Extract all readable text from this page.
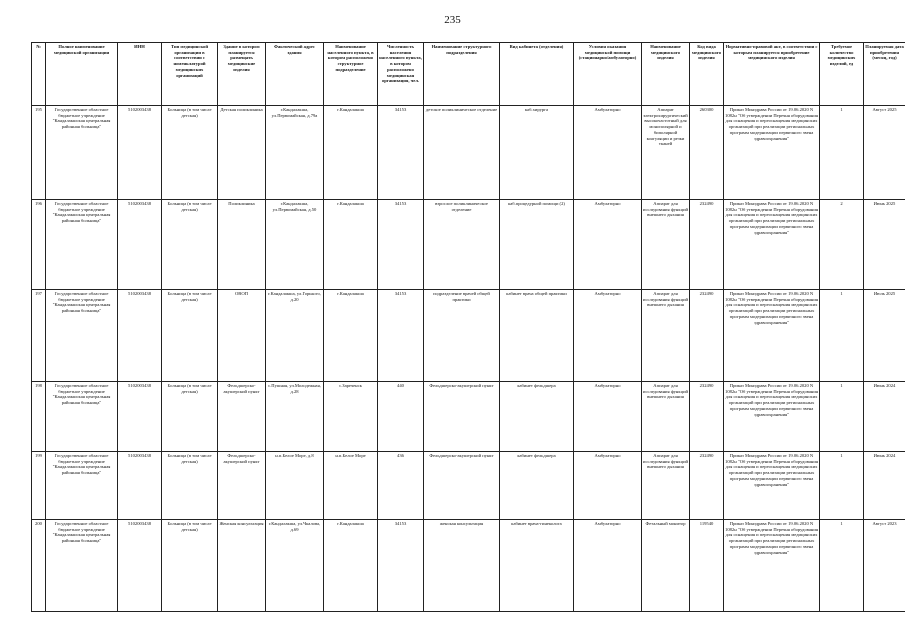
235
№	Полное наименование медицинской организации	ИНН	Тип медицинской организации в соответствии с номенклатурой медицинских организаций	Здание в котором планируется размещать медицинские изделия	Фактический адрес здания	Наименование населенного пункта, в котором расположено структурное подразделение	Численность населения населенного пункта, в котором расположено медицинская организация, чел.	Наименование структурного подразделения	Вид кабинета (отделения)	Условия оказания медицинской помощи (стационарно/амбулаторно)	Наименование медицинского изделия	Код вида медицинского изделия	Нормативно-правовой акт, в соответствии с которым планируется приобретение медицинского изделия	Требуемое количество медицинских изделий, ед	Планируемая дата приобретения (месяц, год)
195	Государственное областное бюджетное учреждение "Кандалакшская центральная районная больница"	5102003438	Больница (в том числе детская)	Детская поликлиника	г.Кандалакша, ул.Первомайская, д.79а	г.Кандалакша	34153	детское поликлиническое отделение	каб.хирурга	Амбулаторно	Аппарат электрохирургический высокочастотный для монополярной и биполярной коагуляции и резки тканей	260300	Приказ Минздрава России от 19.06.2020 N 1082н "Об утверждении Перечня оборудования для оснащения и переоснащения медицинских организаций при реализации региональных программ модернизации первичного звена здравоохранения"	1	Август 2025
196	Государственное областное бюджетное учреждение "Кандалакшская центральная районная больница"	5102003438	Больница (в том числе детская)	Поликлиника	г.Кандалакша, ул.Первомайская, д.50	г.Кандалакша	34153	взрослое поликлиническое отделение	каб.процедурной помощи (2)	Амбулаторно	Аппарат для исследования функций внешнего дыхания	232490	Приказ Минздрава России от 19.06.2020 N 1082н "Об утверждении Перечня оборудования для оснащения и переоснащения медицинских организаций при реализации региональных программ модернизации первичного звена здравоохранения"	2	Июнь 2025
197	Государственное областное бюджетное учреждение "Кандалакшская центральная районная больница"	5102003438	Больница (в том числе детская)	ОВОП	г.Кандалакша, ул.Горького, д.20	г.Кандалакша	34153	подразделение врачей общей практики	кабинет врача общей практики	Амбулаторно	Аппарат для исследования функций внешнего дыхания	232490	Приказ Минздрава России от 19.06.2020 N 1082н "Об утверждении Перечня оборудования для оснащения и переоснащения медицинских организаций при реализации региональных программ модернизации первичного звена здравоохранения"	1	Июль 2025
198	Государственное областное бюджетное учреждение "Кандалакшская центральная районная больница"	5102003438	Больница (в том числе детская)	Фельдшерско-акушерский пункт	с.Пушная, ул.Молодежная, д.28	с.Зареченск	440	Фельдшерско-акушерский пункт	кабинет фельдшера	Амбулаторно	Аппарат для исследования функций внешнего дыхания	232490	Приказ Минздрава России от 19.06.2020 N 1082н "Об утверждении Перечня оборудования для оснащения и переоснащения медицинских организаций при реализации региональных программ модернизации первичного звена здравоохранения"	1	Июнь 2024
199	Государственное областное бюджетное учреждение "Кандалакшская центральная районная больница"	5102003438	Больница (в том числе детская)	Фельдшерско-акушерский пункт	н.п.Белое Море, д.8	н.п.Белое Море	436	Фельдшерско-акушерский пункт	кабинет фельдшера	Амбулаторно	Аппарат для исследования функций внешнего дыхания	232490	Приказ Минздрава России от 19.06.2020 N 1082н "Об утверждении Перечня оборудования для оснащения и переоснащения медицинских организаций при реализации региональных программ модернизации первичного звена здравоохранения"	1	Июнь 2024
200	Государственное областное бюджетное учреждение "Кандалакшская центральная районная больница"	5102003438	Больница (в том числе детская)	Женская консультация	г.Кандалакша, ул.Чкалова, д.69	г.Кандалакша	34153	женская консультация	кабинет врача-гинеколога	Амбулаторно	Фетальный монитор	119540	Приказ Минздрава России от 19.06.2020 N 1082н "Об утверждении Перечня оборудования для оснащения и переоснащения медицинских организаций при реализации региональных программ модернизации первичного звена здравоохранения"	1	Август 2023
